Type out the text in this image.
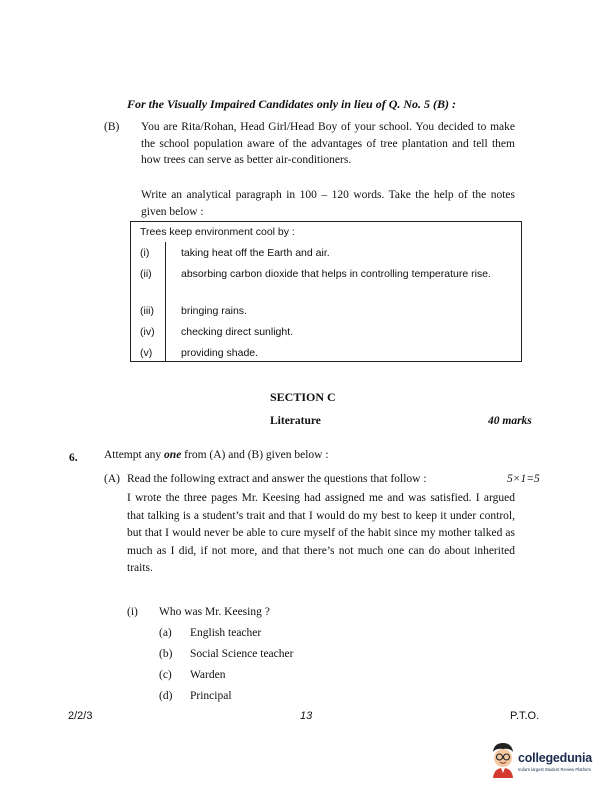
For the Visually Impaired Candidates only in lieu of Q. No. 5 (B) :
(B) You are Rita/Rohan, Head Girl/Head Boy of your school. You decided to make the school population aware of the advantages of tree plantation and tell them how trees can serve as better air-conditioners.
Write an analytical paragraph in 100 – 120 words. Take the help of the notes given below :
Trees keep environment cool by :
(i)	taking heat off the Earth and air.
(ii)	absorbing carbon dioxide that helps in controlling temperature rise.
(iii)	bringing rains.
(iv)	checking direct sunlight.
(v)	providing shade.
SECTION C
Literature	40 marks
6. Attempt any one from (A) and (B) given below :
(A) Read the following extract and answer the questions that follow :	5×1=5
I wrote the three pages Mr. Keesing had assigned me and was satisfied. I argued that talking is a student’s trait and that I would do my best to keep it under control, but that I would never be able to cure myself of the habit since my mother talked as much as I did, if not more, and that there’s not much one can do about inherited traits.
(i) Who was Mr. Keesing ?
(a) English teacher
(b) Social Science teacher
(c) Warden
(d) Principal
2/2/3	13	P.T.O.
collegedunia
India's largest Student Review Platform
